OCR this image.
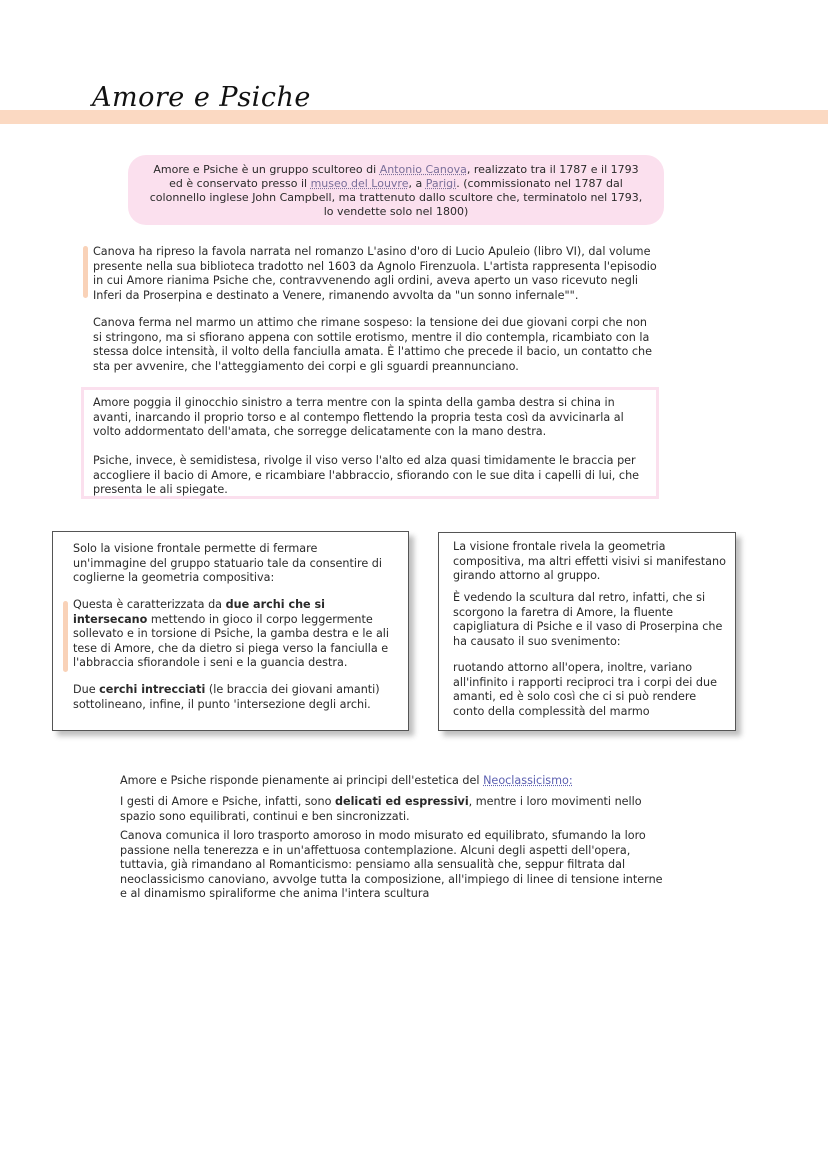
Amore e Psiche

Amore e Psiche è un gruppo scultoreo di Antonio Canova, realizzato tra il 1787 e il 1793 ed è conservato presso il museo del Louvre, a Parigi. (commissionato nel 1787 dal colonnello inglese John Campbell, ma trattenuto dallo scultore che, terminatolo nel 1793, lo vendette solo nel 1800)

Canova ha ripreso la favola narrata nel romanzo L'asino d'oro di Lucio Apuleio (libro VI), dal volume presente nella sua biblioteca tradotto nel 1603 da Agnolo Firenzuola. L'artista rappresenta l'episodio in cui Amore rianima Psiche che, contravvenendo agli ordini, aveva aperto un vaso ricevuto negli Inferi da Proserpina e destinato a Venere, rimanendo avvolta da "un sonno infernale"".

Canova ferma nel marmo un attimo che rimane sospeso: la tensione dei due giovani corpi che non si stringono, ma si sfiorano appena con sottile erotismo, mentre il dio contempla, ricambiato con la stessa dolce intensità, il volto della fanciulla amata. È l'attimo che precede il bacio, un contatto che sta per avvenire, che l'atteggiamento dei corpi e gli sguardi preannunciano.

Amore poggia il ginocchio sinistro a terra mentre con la spinta della gamba destra si china in avanti, inarcando il proprio torso e al contempo flettendo la propria testa così da avvicinarla al volto addormentato dell'amata, che sorregge delicatamente con la mano destra.

Psiche, invece, è semidistesa, rivolge il viso verso l'alto ed alza quasi timidamente le braccia per accogliere il bacio di Amore, e ricambiare l'abbraccio, sfiorando con le sue dita i capelli di lui, che presenta le ali spiegate.

Solo la visione frontale permette di fermare un'immagine del gruppo statuario tale da consentire di coglierne la geometria compositiva:

Questa è caratterizzata da due archi che si intersecano mettendo in gioco il corpo leggermente sollevato e in torsione di Psiche, la gamba destra e le ali tese di Amore, che da dietro si piega verso la fanciulla e l'abbraccia sfiorandole i seni e la guancia destra.

Due cerchi intrecciati (le braccia dei giovani amanti) sottolineano, infine, il punto 'intersezione degli archi.

La visione frontale rivela la geometria compositiva, ma altri effetti visivi si manifestano girando attorno al gruppo.

È vedendo la scultura dal retro, infatti, che si scorgono la faretra di Amore, la fluente capigliatura di Psiche e il vaso di Proserpina che ha causato il suo svenimento:

ruotando attorno all'opera, inoltre, variano all'infinito i rapporti reciproci tra i corpi dei due amanti, ed è solo così che ci si può rendere conto della complessità del marmo

Amore e Psiche risponde pienamente ai principi dell'estetica del Neoclassicismo:

I gesti di Amore e Psiche, infatti, sono delicati ed espressivi, mentre i loro movimenti nello spazio sono equilibrati, continui e ben sincronizzati.

Canova comunica il loro trasporto amoroso in modo misurato ed equilibrato, sfumando la loro passione nella tenerezza e in un'affettuosa contemplazione. Alcuni degli aspetti dell'opera, tuttavia, già rimandano al Romanticismo: pensiamo alla sensualità che, seppur filtrata dal neoclassicismo canoviano, avvolge tutta la composizione, all'impiego di linee di tensione interne e al dinamismo spiraliforme che anima l'intera scultura
